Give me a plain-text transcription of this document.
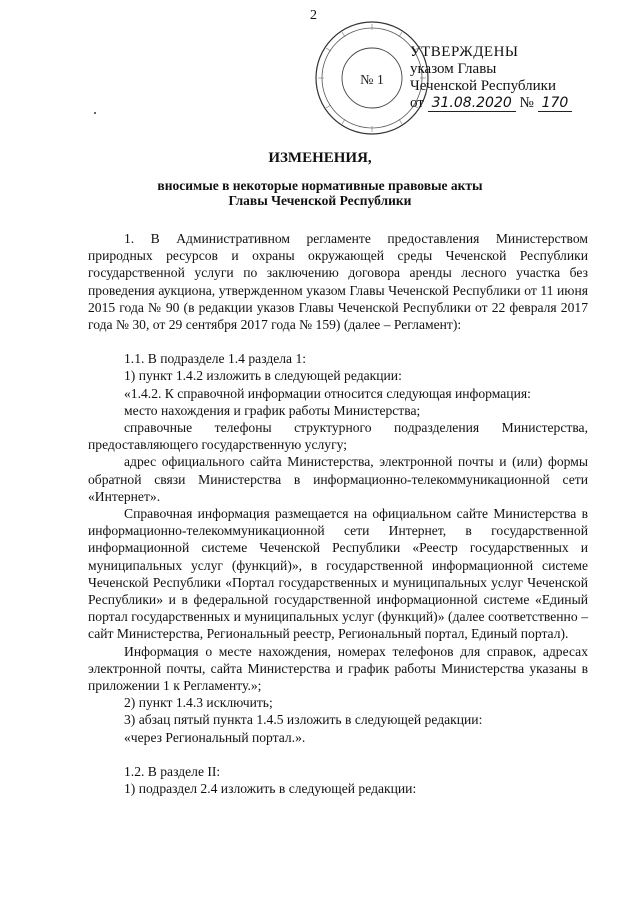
2
№ 1
УТВЕРЖДЕНЫ
указом Главы
Чеченской Республики
от 31.08.2020 № 170
ИЗМЕНЕНИЯ,
вносимые в некоторые нормативные правовые акты
Главы Чеченской Республики

1. В Административном регламенте предоставления Министерством природных ресурсов и охраны окружающей среды Чеченской Республики государственной услуги по заключению договора аренды лесного участка без проведения аукциона, утвержденном указом Главы Чеченской Республики от 11 июня 2015 года № 90 (в редакции указов Главы Чеченской Республики от 22 февраля 2017 года № 30, от 29 сентября 2017 года № 159) (далее – Регламент):

1.1. В подразделе 1.4 раздела 1:

1) пункт 1.4.2 изложить в следующей редакции:

«1.4.2. К справочной информации относится следующая информация:

место нахождения и график работы Министерства;

справочные телефоны структурного подразделения Министерства, предоставляющего государственную услугу;

адрес официального сайта Министерства, электронной почты и (или) формы обратной связи Министерства в информационно-телекоммуникационной сети «Интернет».

Справочная информация размещается на официальном сайте Министерства в информационно-телекоммуникационной сети Интернет, в государственной информационной системе Чеченской Республики «Реестр государственных и муниципальных услуг (функций)», в государственной информационной системе Чеченской Республики «Портал государственных и муниципальных услуг Чеченской Республики» и в федеральной государственной информационной системе «Единый портал государственных и муниципальных услуг (функций)» (далее соответственно – сайт Министерства, Региональный реестр, Региональный портал, Единый портал).

Информация о месте нахождения, номерах телефонов для справок, адресах электронной почты, сайта Министерства и график работы Министерства указаны в приложении 1 к Регламенту.»;

2) пункт 1.4.3 исключить;

3) абзац пятый пункта 1.4.5 изложить в следующей редакции:

«через Региональный портал.».

1.2. В разделе II:

1) подраздел 2.4 изложить в следующей редакции:
